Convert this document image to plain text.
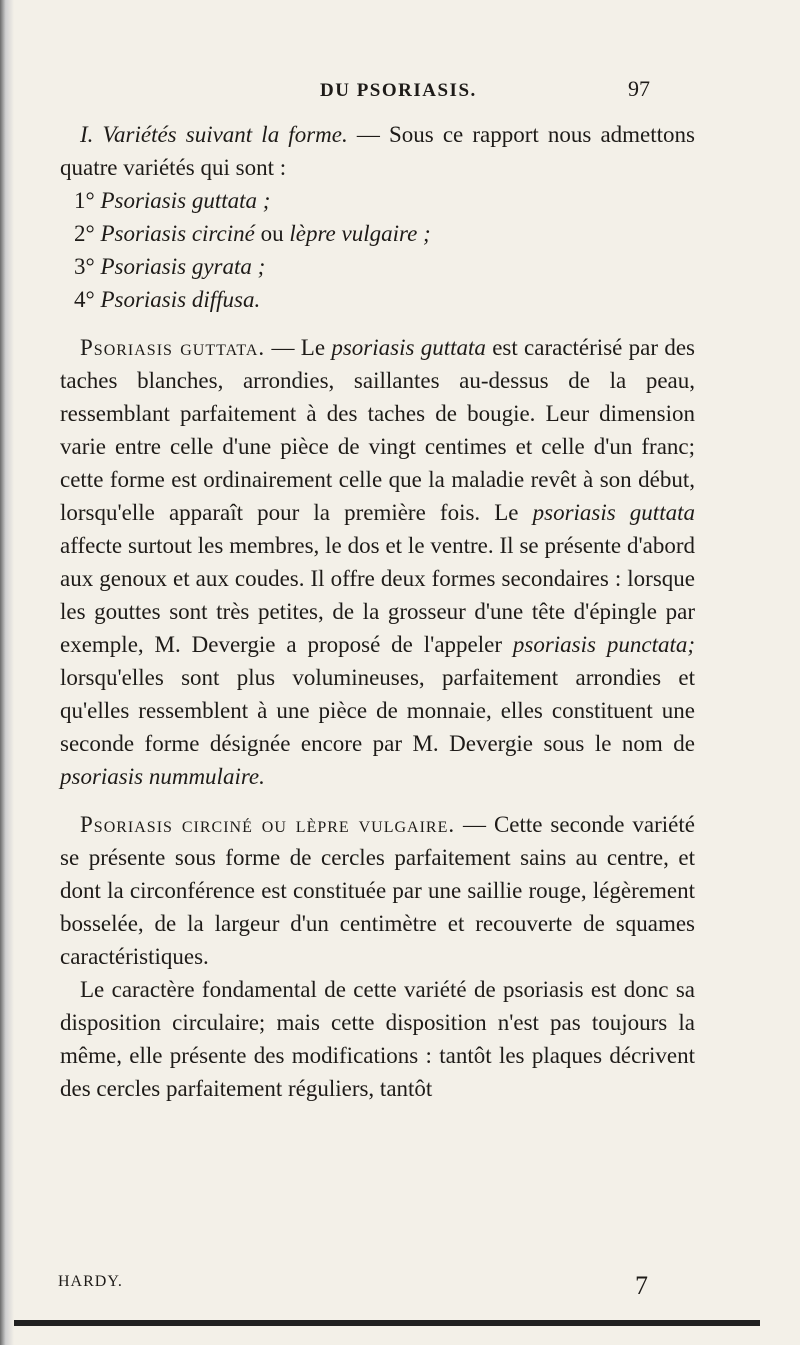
DU PSORIASIS.	97

I. Variétés suivant la forme. — Sous ce rapport nous admettons quatre variétés qui sont :

1° Psoriasis guttata ;

2° Psoriasis circiné ou lèpre vulgaire ;

3° Psoriasis gyrata ;

4° Psoriasis diffusa.

Psoriasis guttata. — Le psoriasis guttata est caractérisé par des taches blanches, arrondies, saillantes au-dessus de la peau, ressemblant parfaitement à des taches de bougie. Leur dimension varie entre celle d'une pièce de vingt centimes et celle d'un franc; cette forme est ordinairement celle que la maladie revêt à son début, lorsqu'elle apparaît pour la première fois. Le psoriasis guttata affecte surtout les membres, le dos et le ventre. Il se présente d'abord aux genoux et aux coudes. Il offre deux formes secondaires : lorsque les gouttes sont très petites, de la grosseur d'une tête d'épingle par exemple, M. Devergie a proposé de l'appeler psoriasis punctata; lorsqu'elles sont plus volumineuses, parfaitement arrondies et qu'elles ressemblent à une pièce de monnaie, elles constituent une seconde forme désignée encore par M. Devergie sous le nom de psoriasis nummulaire.

Psoriasis circiné ou lèpre vulgaire. — Cette seconde variété se présente sous forme de cercles parfaitement sains au centre, et dont la circonférence est constituée par une saillie rouge, légèrement bosselée, de la largeur d'un centimètre et recouverte de squames caractéristiques.

Le caractère fondamental de cette variété de psoriasis est donc sa disposition circulaire; mais cette disposition n'est pas toujours la même, elle présente des modifications : tantôt les plaques décrivent des cercles parfaitement réguliers, tantôt

HARDY.	7
